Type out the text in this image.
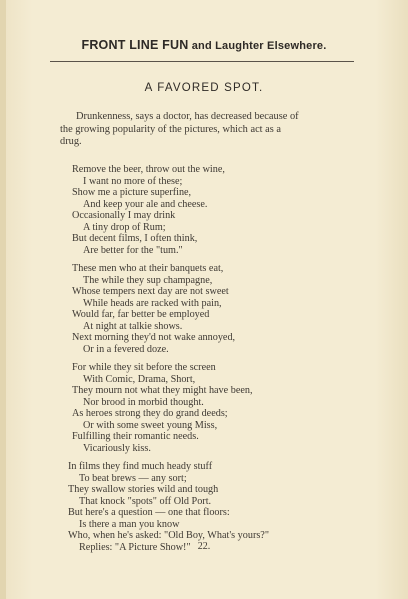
FRONT LINE FUN and Laughter Elsewhere.
A FAVORED SPOT.
Drunkenness, says a doctor, has decreased because of
the growing popularity of the pictures, which act as a
drug.
Remove the beer, throw out the wine,
I want no more of these;
Show me a picture superfine,
And keep your ale and cheese.
Occasionally I may drink
A tiny drop of Rum;
But decent films, I often think,
Are better for the "tum."
These men who at their banquets eat,
The while they sup champagne,
Whose tempers next day are not sweet
While heads are racked with pain,
Would far, far better be employed
At night at talkie shows.
Next morning they'd not wake annoyed,
Or in a fevered doze.
For while they sit before the screen
With Comic, Drama, Short,
They mourn not what they might have been,
Nor brood in morbid thought.
As heroes strong they do grand deeds;
Or with some sweet young Miss,
Fulfilling their romantic needs.
Vicariously kiss.
In films they find much heady stuff
To beat brews — any sort;
They swallow stories wild and tough
That knock "spots" off Old Port.
But here's a question — one that floors:
Is there a man you know
Who, when he's asked: "Old Boy, What's yours?"
Replies: "A Picture Show!" 22.
